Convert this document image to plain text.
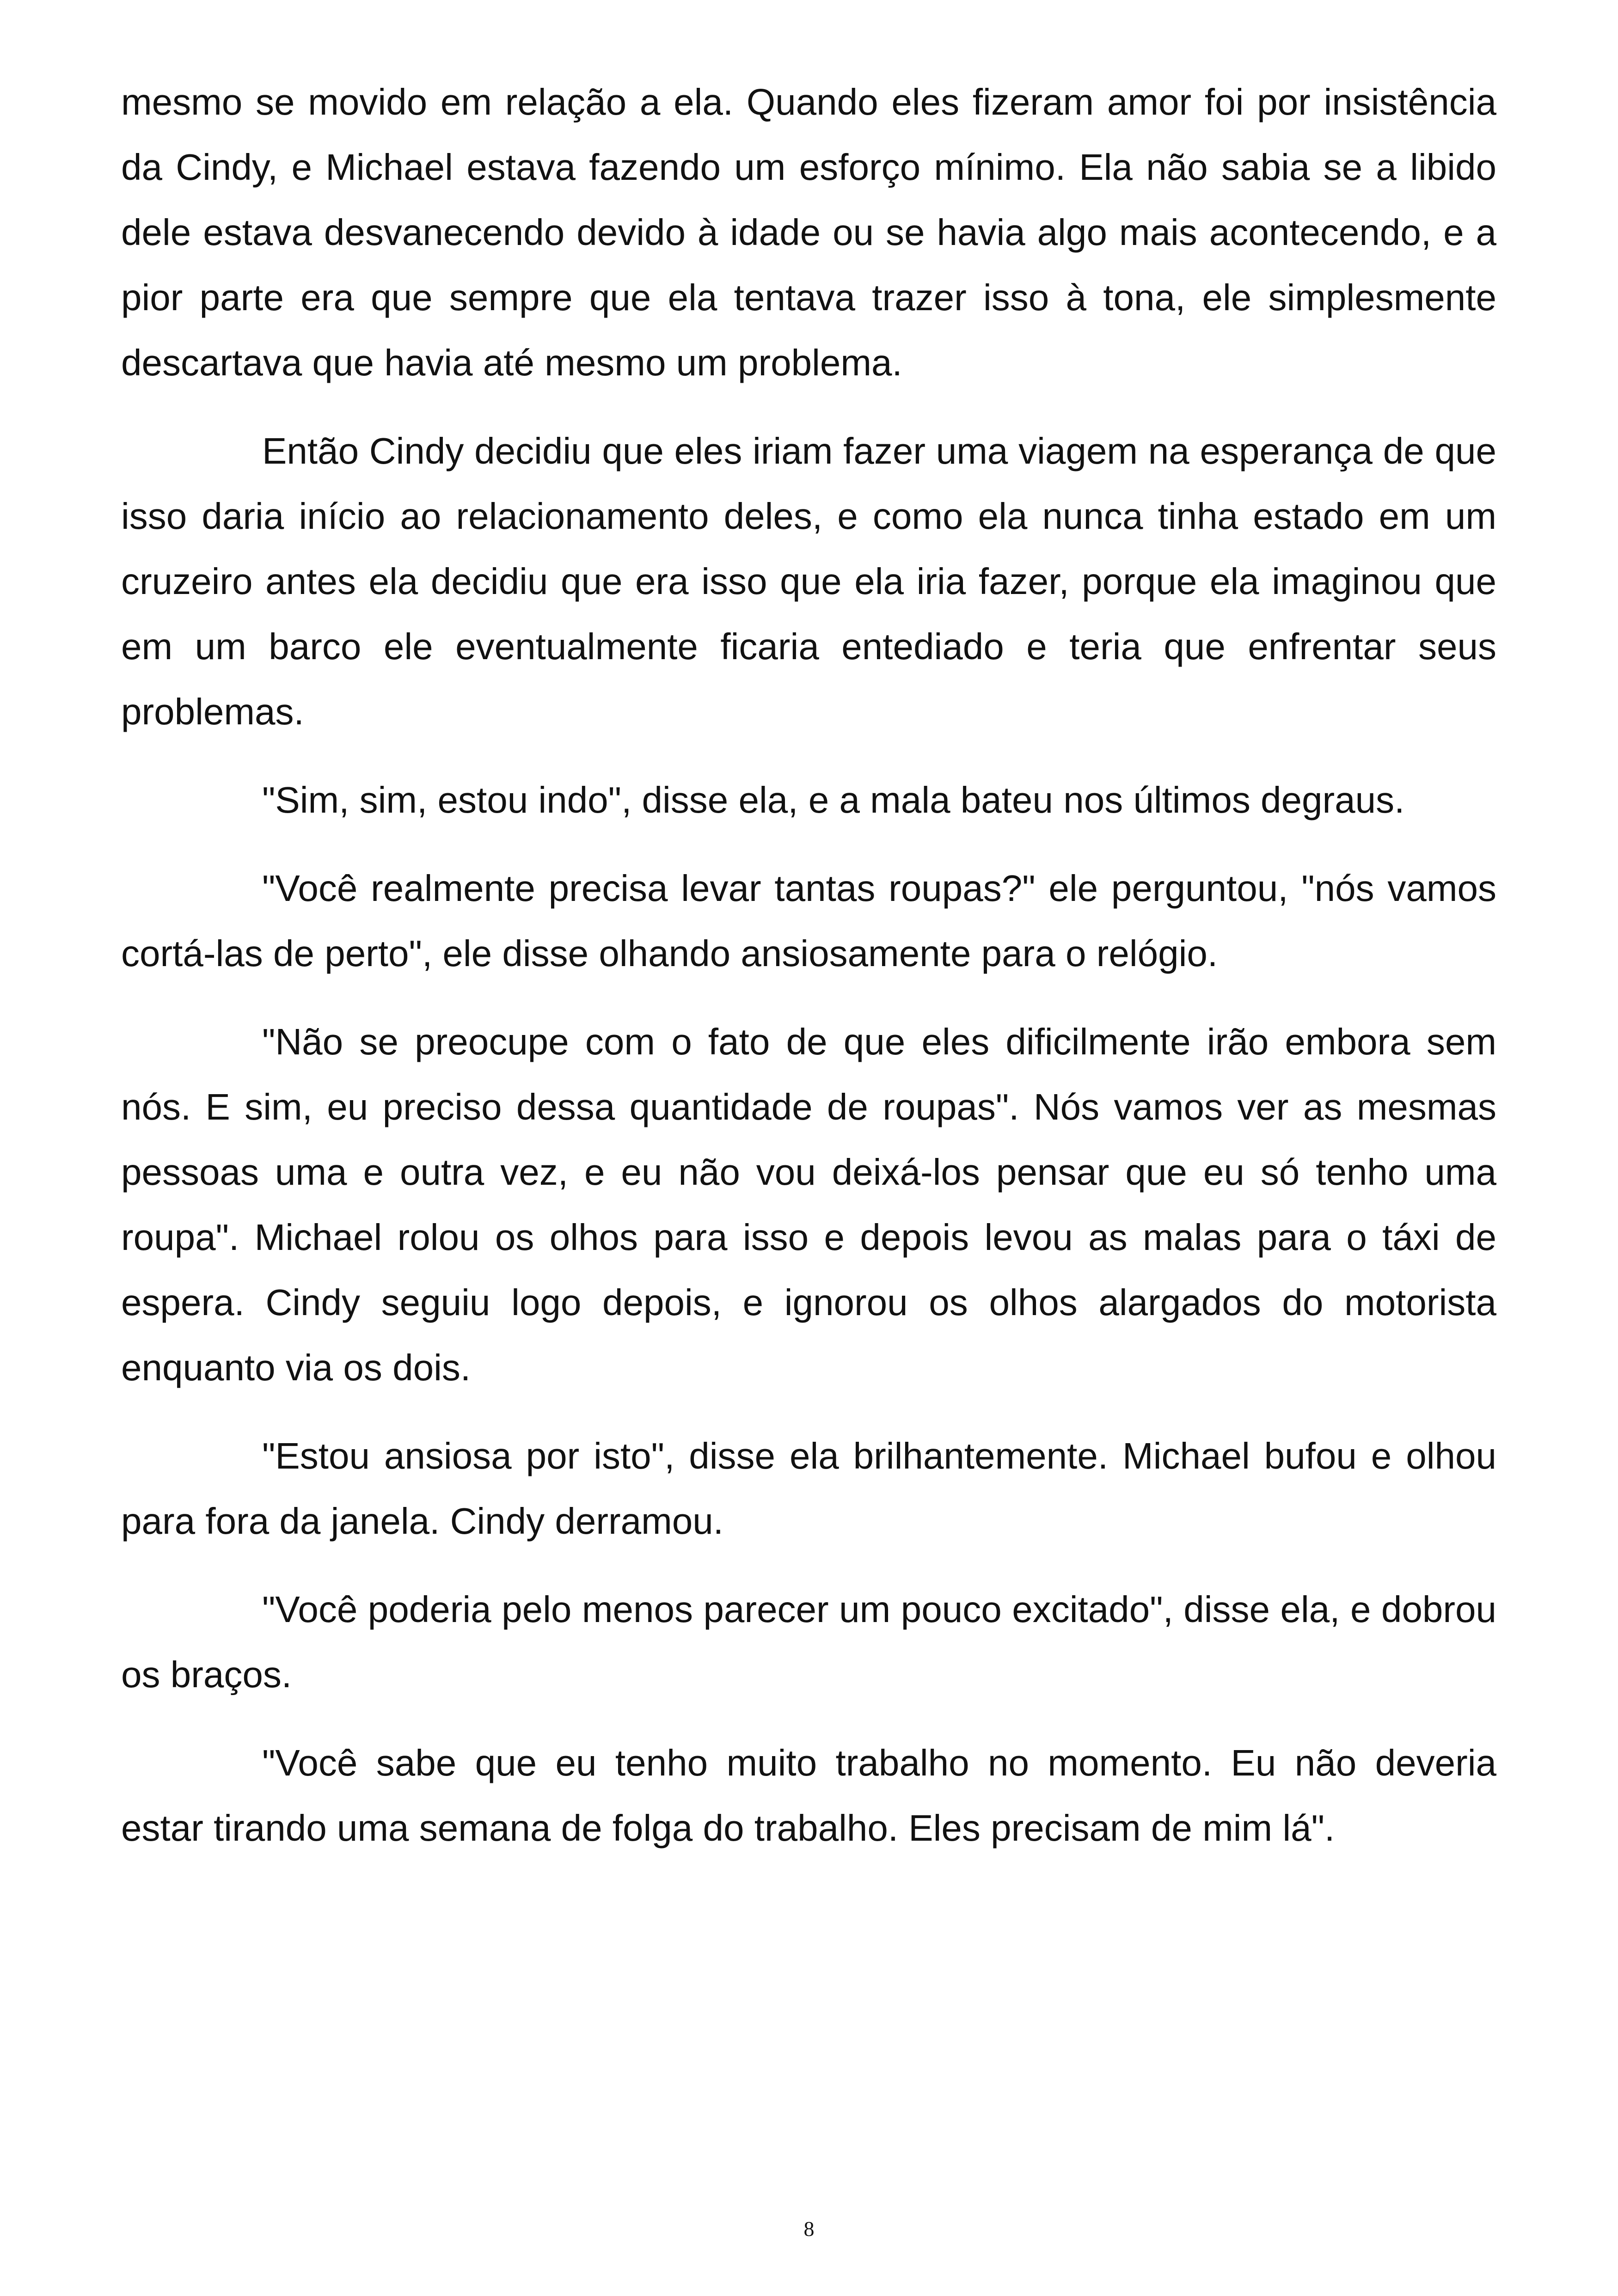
mesmo se movido em relação a ela. Quando eles fizeram amor foi por insistência da Cindy, e Michael estava fazendo um esforço mínimo. Ela não sabia se a libido dele estava desvanecendo devido à idade ou se havia algo mais acontecendo, e a pior parte era que sempre que ela tentava trazer isso à tona, ele simplesmente descartava que havia até mesmo um problema.

Então Cindy decidiu que eles iriam fazer uma viagem na esperança de que isso daria início ao relacionamento deles, e como ela nunca tinha estado em um cruzeiro antes ela decidiu que era isso que ela iria fazer, porque ela imaginou que em um barco ele eventualmente ficaria entediado e teria que enfrentar seus problemas.

"Sim, sim, estou indo", disse ela, e a mala bateu nos últimos degraus.

"Você realmente precisa levar tantas roupas?" ele perguntou, "nós vamos cortá-las de perto", ele disse olhando ansiosamente para o relógio.

"Não se preocupe com o fato de que eles dificilmente irão embora sem nós. E sim, eu preciso dessa quantidade de roupas". Nós vamos ver as mesmas pessoas uma e outra vez, e eu não vou deixá-los pensar que eu só tenho uma roupa". Michael rolou os olhos para isso e depois levou as malas para o táxi de espera. Cindy seguiu logo depois, e ignorou os olhos alargados do motorista enquanto via os dois.

"Estou ansiosa por isto", disse ela brilhantemente. Michael bufou e olhou para fora da janela. Cindy derramou.

"Você poderia pelo menos parecer um pouco excitado", disse ela, e dobrou os braços.

"Você sabe que eu tenho muito trabalho no momento. Eu não deveria estar tirando uma semana de folga do trabalho. Eles precisam de mim lá".

8
